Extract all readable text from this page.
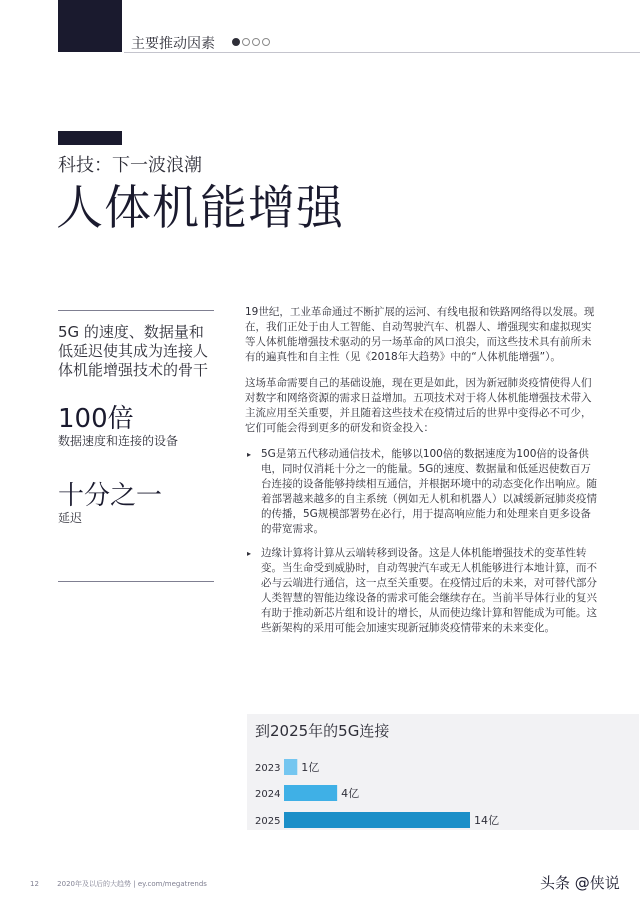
主要推动因素
科技：下一波浪潮
人体机能增强
5G 的速度、数据量和低延迟使其成为连接人体机能增强技术的骨干
100倍
数据速度和连接的设备
十分之一
延迟

19世纪，工业革命通过不断扩展的运河、有线电报和铁路网络得以发展。现在，我们正处于由人工智能、自动驾驶汽车、机器人、增强现实和虚拟现实等人体机能增强技术驱动的另一场革命的风口浪尖，而这些技术具有前所未有的遍真性和自主性（见《2018年大趋势》中的“人体机能增强”）。

这场革命需要自己的基础设施，现在更是如此，因为新冠肺炎疫情使得人们对数字和网络资源的需求日益增加。五项技术对于将人体机能增强技术带入主流应用至关重要，并且随着这些技术在疫情过后的世界中变得必不可少，它们可能会得到更多的研发和资金投入：

▸ 5G是第五代移动通信技术，能够以100倍的数据速度为100倍的设备供电，同时仅消耗十分之一的能量。5G的速度、数据量和低延迟使数百万台连接的设备能够持续相互通信，并根据环境中的动态变化作出响应。随着部署越来越多的自主系统（例如无人机和机器人）以减缓新冠肺炎疫情的传播，5G规模部署势在必行，用于提高响应能力和处理来自更多设备的带宽需求。
▸ 边缘计算将计算从云端转移到设备。这是人体机能增强技术的变革性转变。当生命受到威胁时，自动驾驶汽车或无人机能够进行本地计算，而不必与云端进行通信，这一点至关重要。在疫情过后的未来，对可替代部分人类智慧的智能边缘设备的需求可能会继续存在。当前半导体行业的复兴有助于推动新芯片组和设计的增长，从而使边缘计算和智能成为可能。这些新架构的采用可能会加速实现新冠肺炎疫情带来的未来变化。
到2025年的5G连接
2023 1亿
2024	4亿
2025	14亿
12	2020年及以后的大趋势 | ey.com/megatrends	头条 @侠说
